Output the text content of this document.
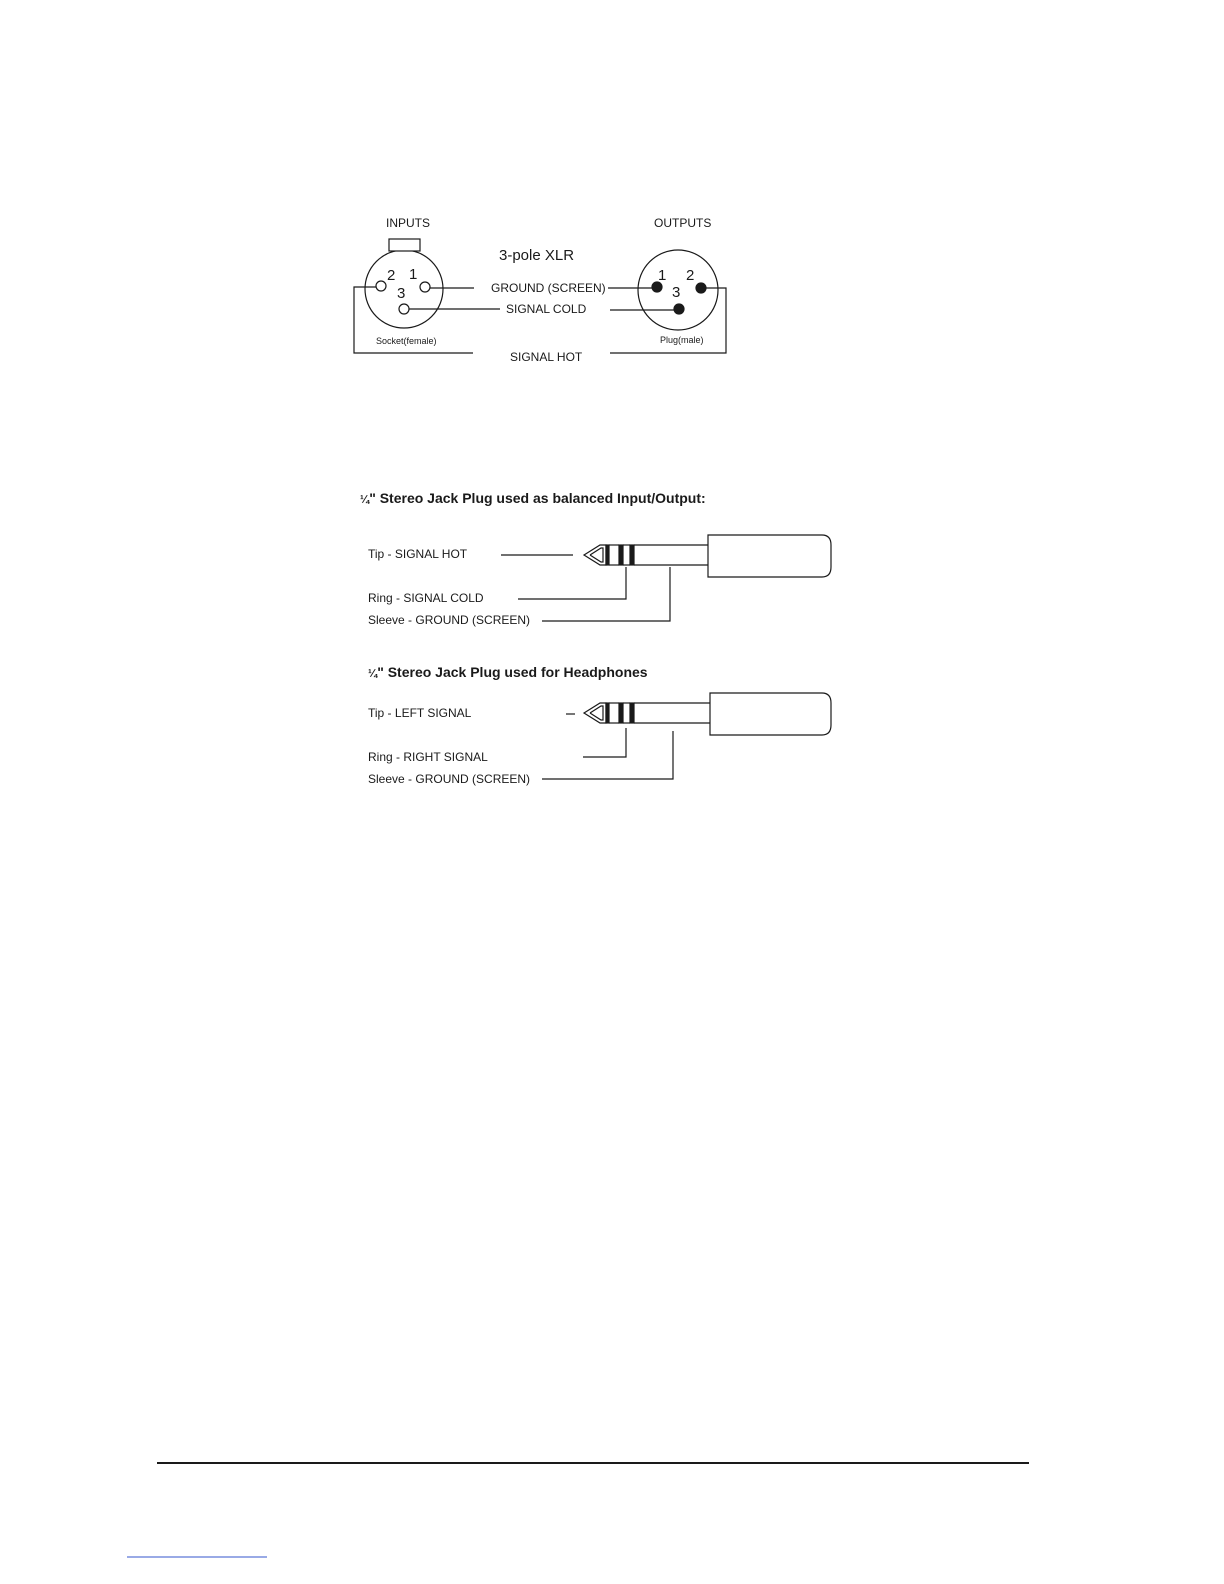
INPUTS	OUTPUTS
3-pole XLR
2 1
3
Socket(female)
1 2
3
Plug(male)
GROUND (SCREEN)
SIGNAL COLD
SIGNAL HOT
¼" Stereo Jack Plug used as balanced Input/Output:
Tip - SIGNAL HOT
Ring - SIGNAL COLD
Sleeve - GROUND (SCREEN)
¼" Stereo Jack Plug used for Headphones
Tip - LEFT SIGNAL
Ring - RIGHT SIGNAL
Sleeve - GROUND (SCREEN)
